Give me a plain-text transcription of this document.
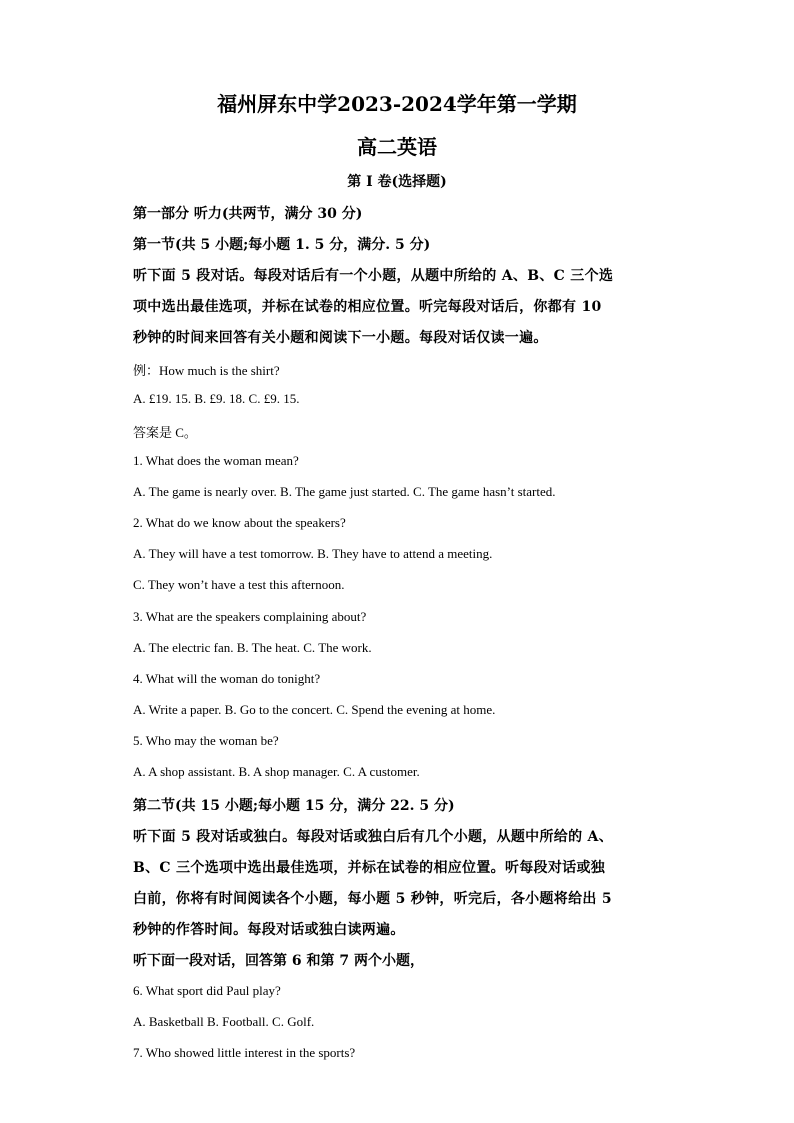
福州屏东中学2023-2024学年第一学期
高二英语
第 I 卷(选择题)
第一部分 听力(共两节，满分 30 分)
第一节(共 5 小题;每小题 1. 5 分，满分. 5 分)
听下面 5 段对话。每段对话后有一个小题，从题中所给的 A、B、C 三个选
项中选出最佳选项，并标在试卷的相应位置。听完每段对话后，你都有 10
秒钟的时间来回答有关小题和阅读下一小题。每段对话仅读一遍。
例：How much is the shirt?
A. £19. 15. B. £9. 18. C. £9. 15.
答案是 C。
1. What does the woman mean?
A. The game is nearly over. B. The game just started. C. The game hasn’t started.
2. What do we know about the speakers?
A. They will have a test tomorrow. B. They have to attend a meeting.
C. They won’t have a test this afternoon.
3. What are the speakers complaining about?
A. The electric fan. B. The heat. C. The work.
4. What will the woman do tonight?
A. Write a paper. B. Go to the concert. C. Spend the evening at home.
5. Who may the woman be?
A. A shop assistant. B. A shop manager. C. A customer.
第二节(共 15 小题;每小题 15 分，满分 22. 5 分)
听下面 5 段对话或独白。每段对话或独白后有几个小题，从题中所给的 A、
B、C 三个选项中选出最佳选项，并标在试卷的相应位置。听每段对话或独
白前，你将有时间阅读各个小题，每小题 5 秒钟，听完后，各小题将给出 5
秒钟的作答时间。每段对话或独白读两遍。
听下面一段对话，回答第 6 和第 7 两个小题，
6. What sport did Paul play?
A. Basketball B. Football. C. Golf.
7. Who showed little interest in the sports?
